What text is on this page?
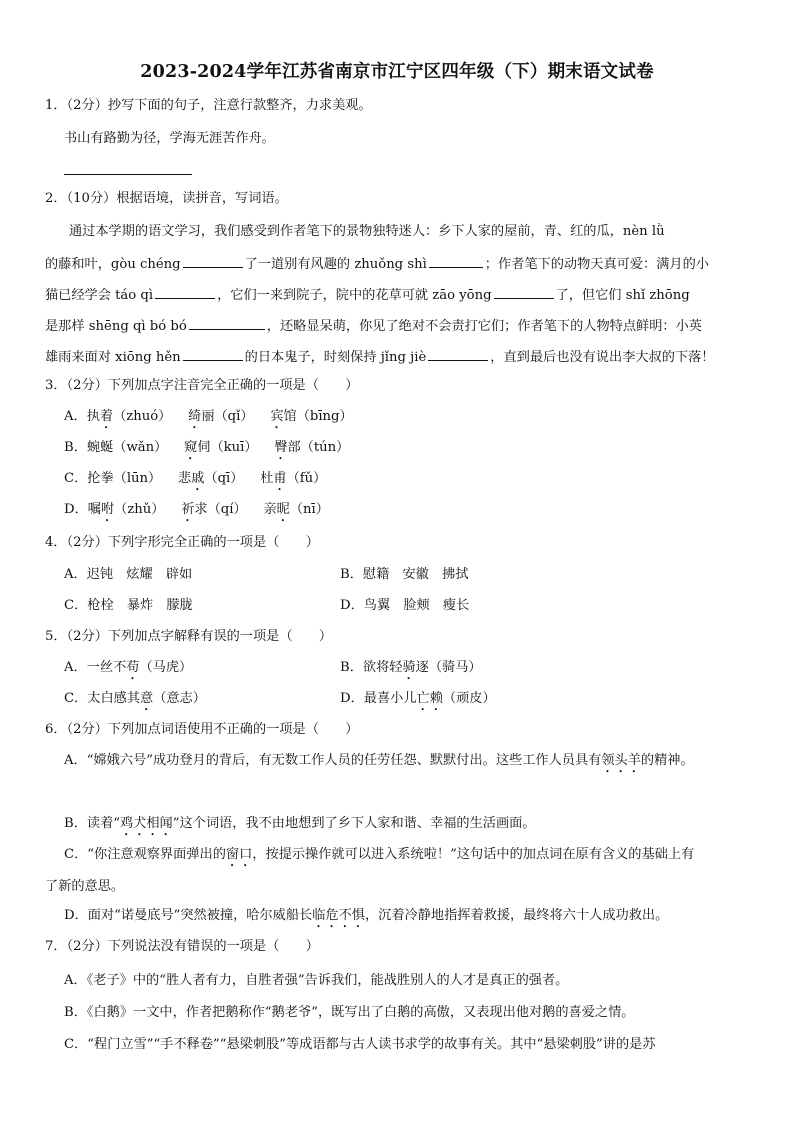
2023-2024学年江苏省南京市江宁区四年级（下）期末语文试卷
1．（2分）抄写下面的句子，注意行款整齐，力求美观。
书山有路勤为径，学海无涯苦作舟。
2．（10分）根据语境，读拼音，写词语。
通过本学期的语文学习，我们感受到作者笔下的景物独特迷人：乡下人家的屋前，青、红的瓜，nèn lǜ
的藤和叶，gòu chéng	了一道别有风趣的 zhuǒng shì	；作者笔下的动物天真可爱：满月的小
猫已经学会 táo qì	，它们一来到院子，院中的花草可就 zāo yōng	了，但它们 shǐ zhōng
是那样 shēng qì bó bó	，还略显呆萌，你见了绝对不会责打它们；作者笔下的人物特点鲜明：小英
雄雨来面对 xiōng hěn	的日本鬼子，时刻保持 jǐng jiè	，直到最后也没有说出李大叔的下落！
3．（2分）下列加点字注音完全正确的一项是（　　）
A．执着（zhuó） 绮丽（qǐ） 宾馆（bīng）
B．蜿蜒（wǎn） 窥伺（kuī） 臀部（tún）
C．抡拳（lūn） 悲戚（qī） 杜甫（fǔ）
D．嘱咐（zhǔ） 祈求（qí） 亲昵（nī）
4．（2分）下列字形完全正确的一项是（　　）
A．迟钝　炫耀　辟如	B．慰籍　安徽　拂拭
C．枪栓　暴炸　朦胧	D．鸟翼　脸颊　瘦长
5．（2分）下列加点字解释有误的一项是（　　）
A．一丝不苟（马虎）	B．欲将轻骑逐（骑马）
C．太白感其意（意志）	D．最喜小儿亡赖（顽皮）
6．（2分）下列加点词语使用不正确的一项是（　　）
A．“嫦娥六号”成功登月的背后，有无数工作人员的任劳任怨、默默付出。这些工作人员具有领头羊的精神。
B．读着“鸡犬相闻”这个词语，我不由地想到了乡下人家和谐、幸福的生活画面。
C．“你注意观察界面弹出的窗口，按提示操作就可以进入系统啦！”这句话中的加点词在原有含义的基础上有
了新的意思。
D．面对“诺曼底号”突然被撞，哈尔威船长临危不惧，沉着冷静地指挥着救援，最终将六十人成功救出。
7．（2分）下列说法没有错误的一项是（　　）
A．《老子》中的“胜人者有力，自胜者强”告诉我们，能战胜别人的人才是真正的强者。
B．《白鹅》一文中，作者把鹅称作“鹅老爷”，既写出了白鹅的高傲，又表现出他对鹅的喜爱之情。
C．“程门立雪”“手不释卷”“悬梁刺股”等成语都与古人读书求学的故事有关。其中“悬梁刺股”讲的是苏
